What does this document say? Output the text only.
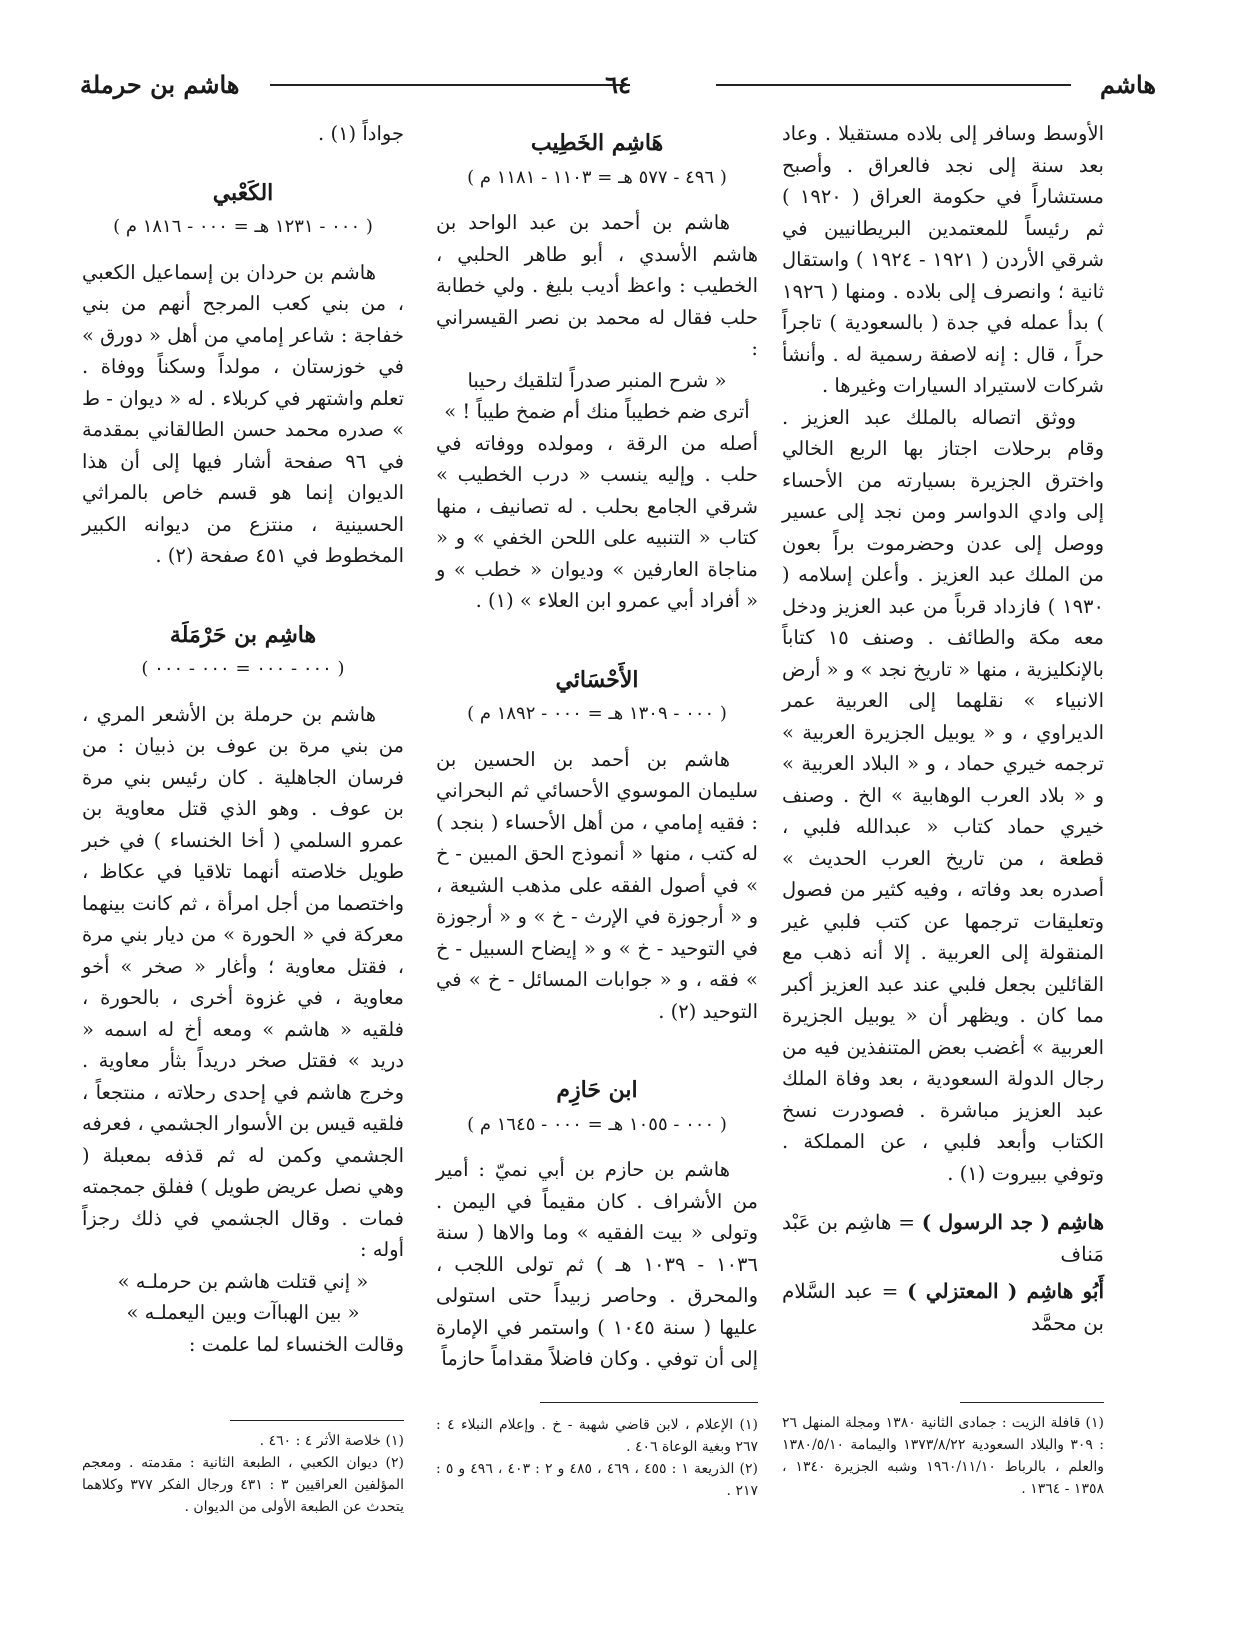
هاشم
٦٤
هاشم بن حرملة

الأوسط وسافر إلى بلاده مستقيلا . وعاد بعد سنة إلى نجد فالعراق . وأصبح مستشاراً في حكومة العراق ( ١٩٢٠ ) ثم رئيساً للمعتمدين البريطانيين في شرقي الأردن ( ١٩٢١ - ١٩٢٤ ) واستقال ثانية ؛ وانصرف إلى بلاده . ومنها ( ١٩٢٦ ) بدأ عمله في جدة ( بالسعودية ) تاجراً حراً ، قال : إنه لاصفة رسمية له . وأنشأ شركات لاستيراد السيارات وغيرها .

ووثق اتصاله بالملك عبد العزيز . وقام برحلات اجتاز بها الربع الخالي واخترق الجزيرة بسيارته من الأحساء إلى وادي الدواسر ومن نجد إلى عسير ووصل إلى عدن وحضرموت براً بعون من الملك عبد العزيز . وأعلن إسلامه ( ١٩٣٠ ) فازداد قرباً من عبد العزيز ودخل معه مكة والطائف . وصنف ١٥ كتاباً بالإنكليزية ، منها « تاريخ نجد » و « أرض الانبياء » نقلهما إلى العربية عمر الديراوي ، و « يوبيل الجزيرة العربية » ترجمه خيري حماد ، و « البلاد العربية » و « بلاد العرب الوهابية » الخ . وصنف خيري حماد كتاب « عبدالله فلبي ، قطعة ، من تاريخ العرب الحديث » أصدره بعد وفاته ، وفيه كثير من فصول وتعليقات ترجمها عن كتب فلبي غير المنقولة إلى العربية . إلا أنه ذهب مع القائلين بجعل فلبي عند عبد العزيز أكبر مما كان . ويظهر أن « يوبيل الجزيرة العربية » أغضب بعض المتنفذين فيه من رجال الدولة السعودية ، بعد وفاة الملك عبد العزيز مباشرة . فصودرت نسخ الكتاب وأبعد فلبي ، عن المملكة . وتوفي ببيروت (١) .

هاشِم ( جد الرسول ) = هاشِم بن عَبْد مَناف

أَبُو هاشِم ( المعتزلي ) = عبد السَّلام بن محمَّد

هَاشِم الخَطِيب
( ٤٩٦ - ٥٧٧ هـ = ١١٠٣ - ١١٨١ م )

هاشم بن أحمد بن عبد الواحد بن هاشم الأسدي ، أبو طاهر الحلبي ، الخطيب : واعظ أديب بليغ . ولي خطابة حلب فقال له محمد بن نصر القيسراني :

« شرح المنبر صدراً لتلقيك رحيبا

أترى ضم خطيباً منك أم ضمخ طيباً ! »

أصله من الرقة ، ومولده ووفاته في حلب . وإليه ينسب « درب الخطيب » شرقي الجامع بحلب . له تصانيف ، منها كتاب « التنبيه على اللحن الخفي » و « مناجاة العارفين » وديوان « خطب » و « أفراد أبي عمرو ابن العلاء » (١) .

الأَحْسَائي
( ٠٠٠ - ١٣٠٩ هـ = ٠٠٠ - ١٨٩٢ م )

هاشم بن أحمد بن الحسين بن سليمان الموسوي الأحسائي ثم البحراني : فقيه إمامي ، من أهل الأحساء ( بنجد ) له كتب ، منها « أنموذج الحق المبين - خ » في أصول الفقه على مذهب الشيعة ، و « أرجوزة في الإرث - خ » و « أرجوزة في التوحيد - خ » و « إيضاح السبيل - خ » فقه ، و « جوابات المسائل - خ » في التوحيد (٢) .

ابن حَازِم
( ٠٠٠ - ١٠٥٥ هـ = ٠٠٠ - ١٦٤٥ م )

هاشم بن حازم بن أبي نميّ : أمير من الأشراف . كان مقيماً في اليمن . وتولى « بيت الفقيه » وما والاها ( سنة ١٠٣٦ - ١٠٣٩ هـ ) ثم تولى اللجب ، والمحرق . وحاصر زبيداً حتى استولى عليها ( سنة ١٠٤٥ ) واستمر في الإمارة إلى أن توفي . وكان فاضلاً مقداماً حازماً

جواداً (١) .

الكَعْبي
( ٠٠٠ - ١٢٣١ هـ = ٠٠٠ - ١٨١٦ م )

هاشم بن حردان بن إسماعيل الكعبي ، من بني كعب المرجح أنهم من بني خفاجة : شاعر إمامي من أهل « دورق » في خوزستان ، مولداً وسكناً ووفاة . تعلم واشتهر في كربلاء . له « ديوان - ط » صدره محمد حسن الطالقاني بمقدمة في ٩٦ صفحة أشار فيها إلى أن هذا الديوان إنما هو قسم خاص بالمراثي الحسينية ، منتزع من ديوانه الكبير المخطوط في ٤٥١ صفحة (٢) .

هاشِم بن حَرْمَلَة
( ٠٠٠ - ٠٠٠ = ٠٠٠ - ٠٠٠ )

هاشم بن حرملة بن الأشعر المري ، من بني مرة بن عوف بن ذبيان : من فرسان الجاهلية . كان رئيس بني مرة بن عوف . وهو الذي قتل معاوية بن عمرو السلمي ( أخا الخنساء ) في خبر طويل خلاصته أنهما تلاقيا في عكاظ ، واختصما من أجل امرأة ، ثم كانت بينهما معركة في « الحورة » من ديار بني مرة ، فقتل معاوية ؛ وأغار « صخر » أخو معاوية ، في غزوة أخرى ، بالحورة ، فلقيه « هاشم » ومعه أخ له اسمه « دريد » فقتل صخر دريداً بثأر معاوية . وخرج هاشم في إحدى رحلاته ، منتجعاً ، فلقيه قيس بن الأسوار الجشمي ، فعرفه الجشمي وكمن له ثم قذفه بمعبلة ( وهي نصل عريض طويل ) ففلق جمجمته فمات . وقال الجشمي في ذلك رجزاً أوله :

« إني قتلت هاشم بن حرملـه »

« بين الهباآت وبين اليعملـه »

وقالت الخنساء لما علمت :

(١) قافلة الزيت : جمادى الثانية ١٣٨٠ ومجلة المنهل ٢٦ : ٣٠٩ والبلاد السعودية ١٣٧٣/٨/٢٢ واليمامة ١٣٨٠/٥/١٠ والعلم ، بالرباط ١٩٦٠/١١/١٠ وشبه الجزيرة ١٣٤٠ ، ١٣٥٨ - ١٣٦٤ .

(١) الإعلام ، لابن قاضي شهبة - خ . وإعلام النبلاء ٤ : ٢٦٧ وبغية الوعاة ٤٠٦ .

(٢) الذريعة ١ : ٤٥٥ ، ٤٦٩ ، ٤٨٥ و ٢ : ٤٠٣ ، ٤٩٦ و ٥ : ٢١٧ .

(١) خلاصة الأثر ٤ : ٤٦٠ .

(٢) ديوان الكعبي ، الطبعة الثانية : مقدمته . ومعجم المؤلفين العراقيين ٣ : ٤٣١ ورجال الفكر ٣٧٧ وكلاهما يتحدث عن الطبعة الأولى من الديوان .
